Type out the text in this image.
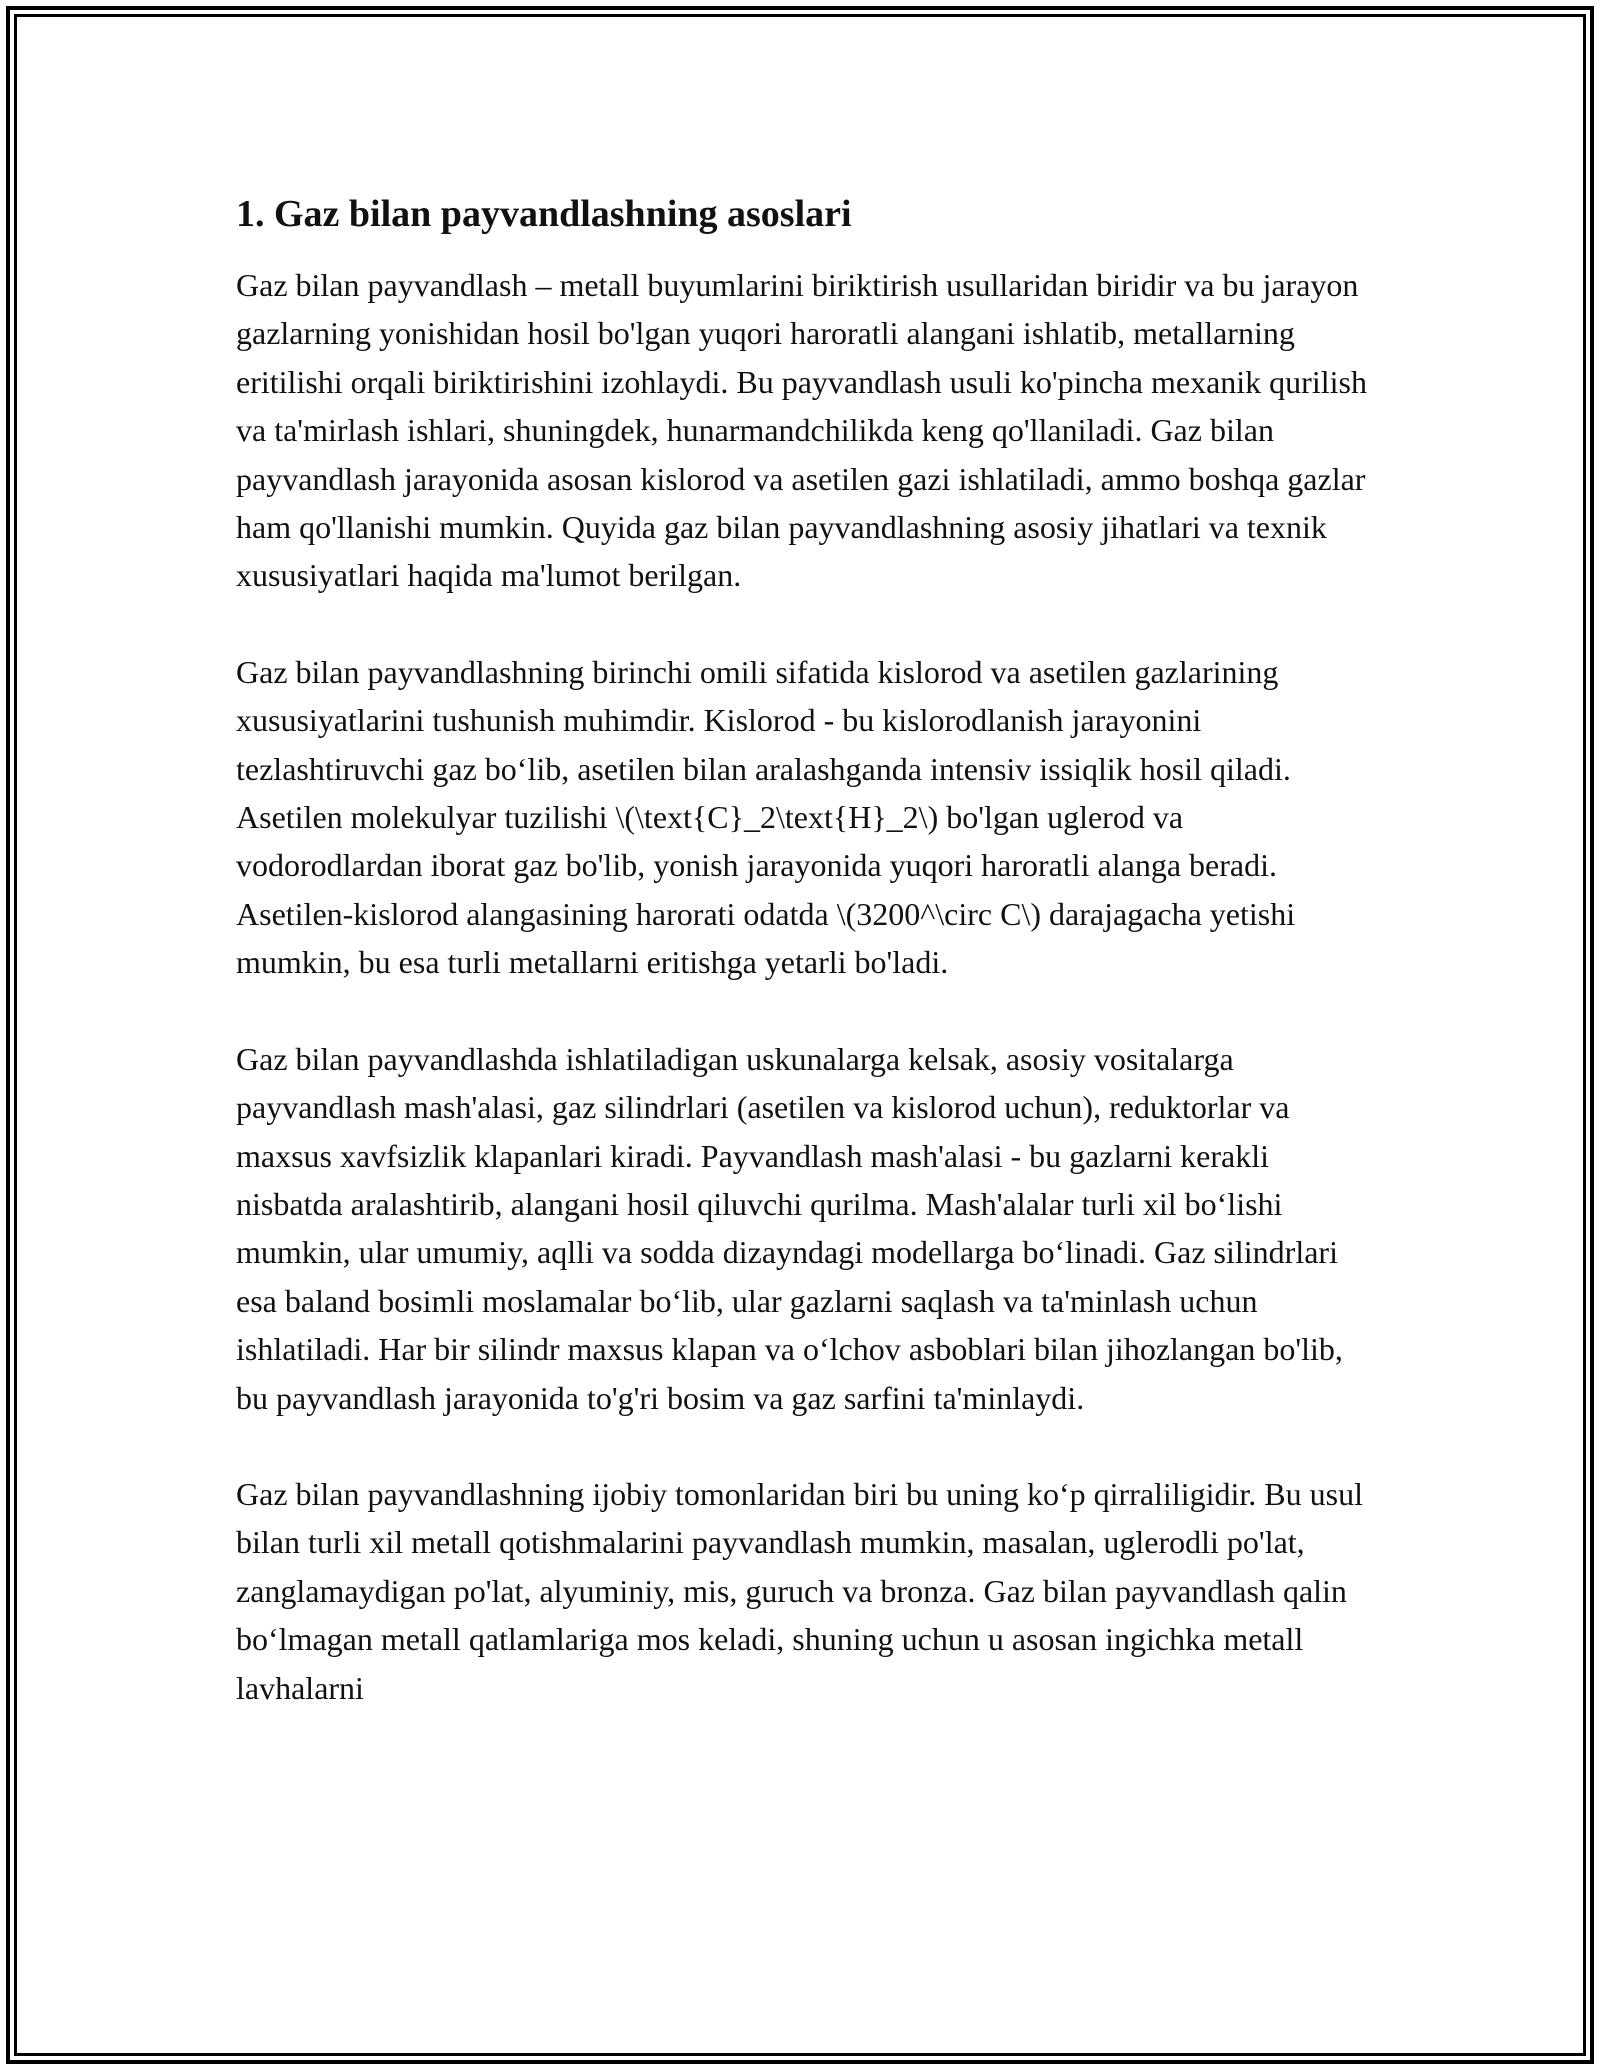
1. Gaz bilan payvandlashning asoslari

Gaz bilan payvandlash – metall buyumlarini biriktirish usullaridan biridir va bu jarayon gazlarning yonishidan hosil bo'lgan yuqori haroratli alangani ishlatib, metallarning eritilishi orqali biriktirishini izohlaydi. Bu payvandlash usuli ko'pincha mexanik qurilish va ta'mirlash ishlari, shuningdek, hunarmandchilikda keng qo'llaniladi. Gaz bilan payvandlash jarayonida asosan kislorod va asetilen gazi ishlatiladi, ammo boshqa gazlar ham qo'llanishi mumkin. Quyida gaz bilan payvandlashning asosiy jihatlari va texnik xususiyatlari haqida ma'lumot berilgan.

Gaz bilan payvandlashning birinchi omili sifatida kislorod va asetilen gazlarining xususiyatlarini tushunish muhimdir. Kislorod - bu kislorodlanish jarayonini tezlashtiruvchi gaz bo‘lib, asetilen bilan aralashganda intensiv issiqlik hosil qiladi. Asetilen molekulyar tuzilishi \(\text{C}_2\text{H}_2\) bo'lgan uglerod va vodorodlardan iborat gaz bo'lib, yonish jarayonida yuqori haroratli alanga beradi. Asetilen-kislorod alangasining harorati odatda \(3200^\circ C\) darajagacha yetishi mumkin, bu esa turli metallarni eritishga yetarli bo'ladi.

Gaz bilan payvandlashda ishlatiladigan uskunalarga kelsak, asosiy vositalarga payvandlash mash'alasi, gaz silindrlari (asetilen va kislorod uchun), reduktorlar va maxsus xavfsizlik klapanlari kiradi. Payvandlash mash'alasi - bu gazlarni kerakli nisbatda aralashtirib, alangani hosil qiluvchi qurilma. Mash'alalar turli xil bo‘lishi mumkin, ular umumiy, aqlli va sodda dizayndagi modellarga bo‘linadi. Gaz silindrlari esa baland bosimli moslamalar bo‘lib, ular gazlarni saqlash va ta'minlash uchun ishlatiladi. Har bir silindr maxsus klapan va o‘lchov asboblari bilan jihozlangan bo'lib, bu payvandlash jarayonida to'g'ri bosim va gaz sarfini ta'minlaydi.

Gaz bilan payvandlashning ijobiy tomonlaridan biri bu uning ko‘p qirraliligidir. Bu usul bilan turli xil metall qotishmalarini payvandlash mumkin, masalan, uglerodli po'lat, zanglamaydigan po'lat, alyuminiy, mis, guruch va bronza. Gaz bilan payvandlash qalin bo‘lmagan metall qatlamlariga mos keladi, shuning uchun u asosan ingichka metall lavhalarni
